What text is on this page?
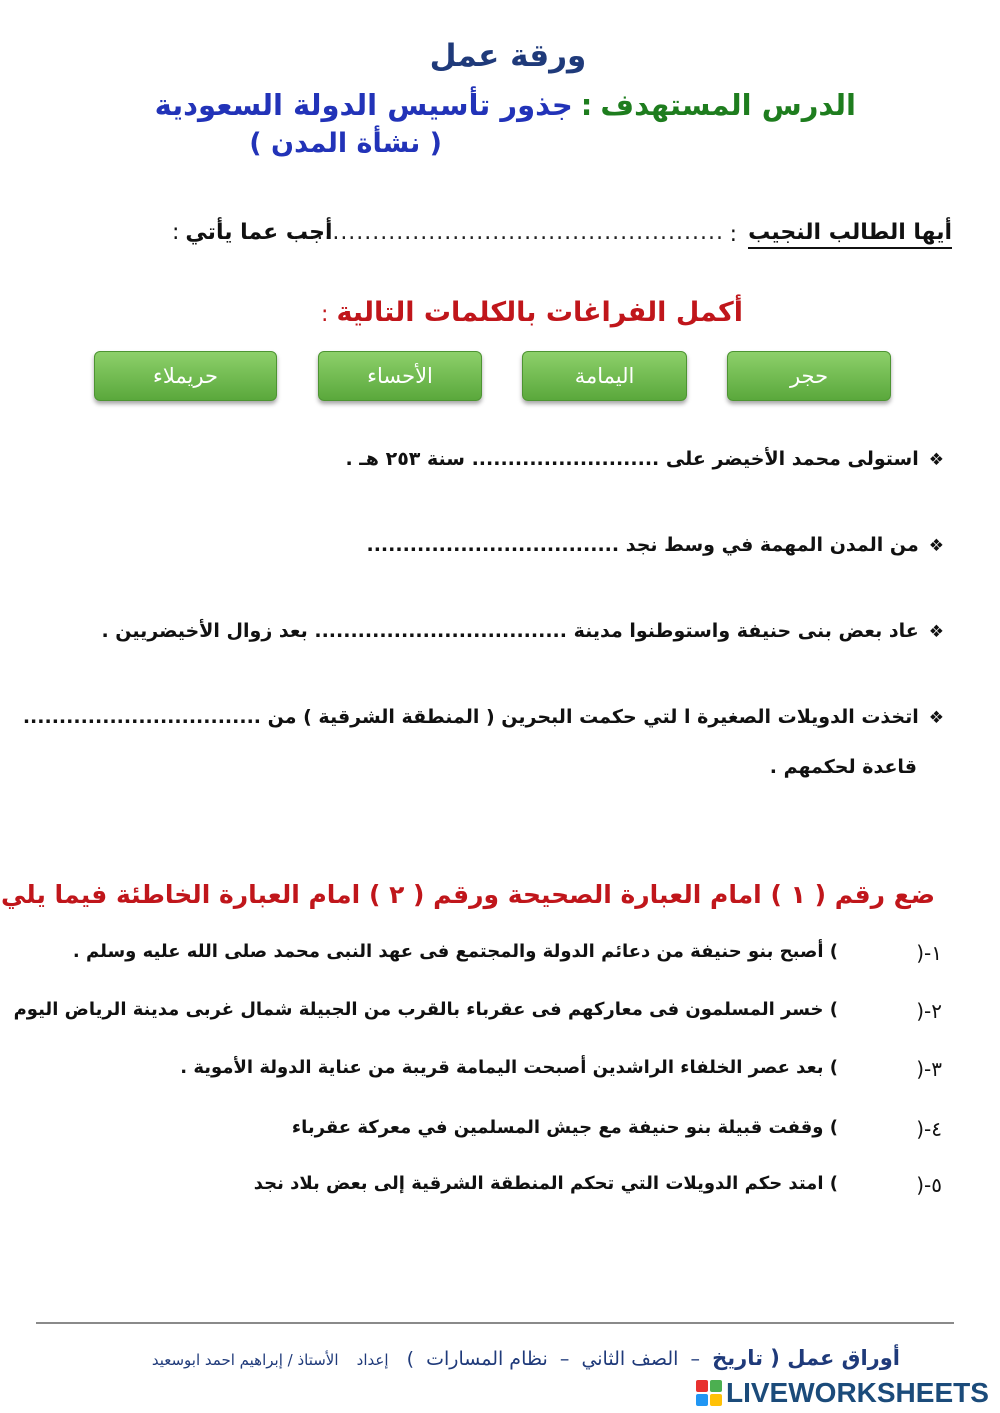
ورقة عمل
الدرس المستهدف:جذور تأسيس الدولة السعودية
( نشأة المدن )
أيها الطالب النجيب
:
......................................................
أجب عما يأتي:
أكمل الفراغات بالكلمات التالية:
حجر
اليمامة
الأحساء
حريملاء
❖استولى محمد الأخيضر على .......................... سنة ٢٥٣ هـ .
❖من المدن المهمة في وسط نجد ...................................
❖عاد بعض بنى حنيفة واستوطنوا مدينة ................................... بعد زوال الأخيضريين .
❖اتخذت الدويلات الصغيرة ا لتي حكمت البحرين ( المنطقة الشرقية ) من .................................
قاعدة لحكمهم .
ضع رقم ( ١ ) امام العبارة الصحيحة ورقم ( ٢ ) امام العبارة الخاطئة فيما يلي
١-(
) أصبح بنو حنيفة من دعائم الدولة والمجتمع فى عهد النبى محمد صلى الله عليه وسلم .
٢-(
) خسر المسلمون فى معاركهم فى عقرباء بالقرب من الجبيلة شمال غربى مدينة الرياض اليوم
٣-(
) بعد عصر الخلفاء الراشدين أصبحت اليمامة قريبة من عناية الدولة الأموية .
٤-(
) وقفت قبيلة بنو حنيفة مع جيش المسلمين في معركة عقرباء
٥-(
) امتد حكم الدويلات التي تحكم المنطقة الشرقية إلى بعض بلاد نجد
أوراق عمل ( تاريخ  –  الصف الثاني  –  نظام المسارات  )   إعداد   الأستاذ / إبراهيم احمد ابوسعيد
LIVEWORKSHEETS
